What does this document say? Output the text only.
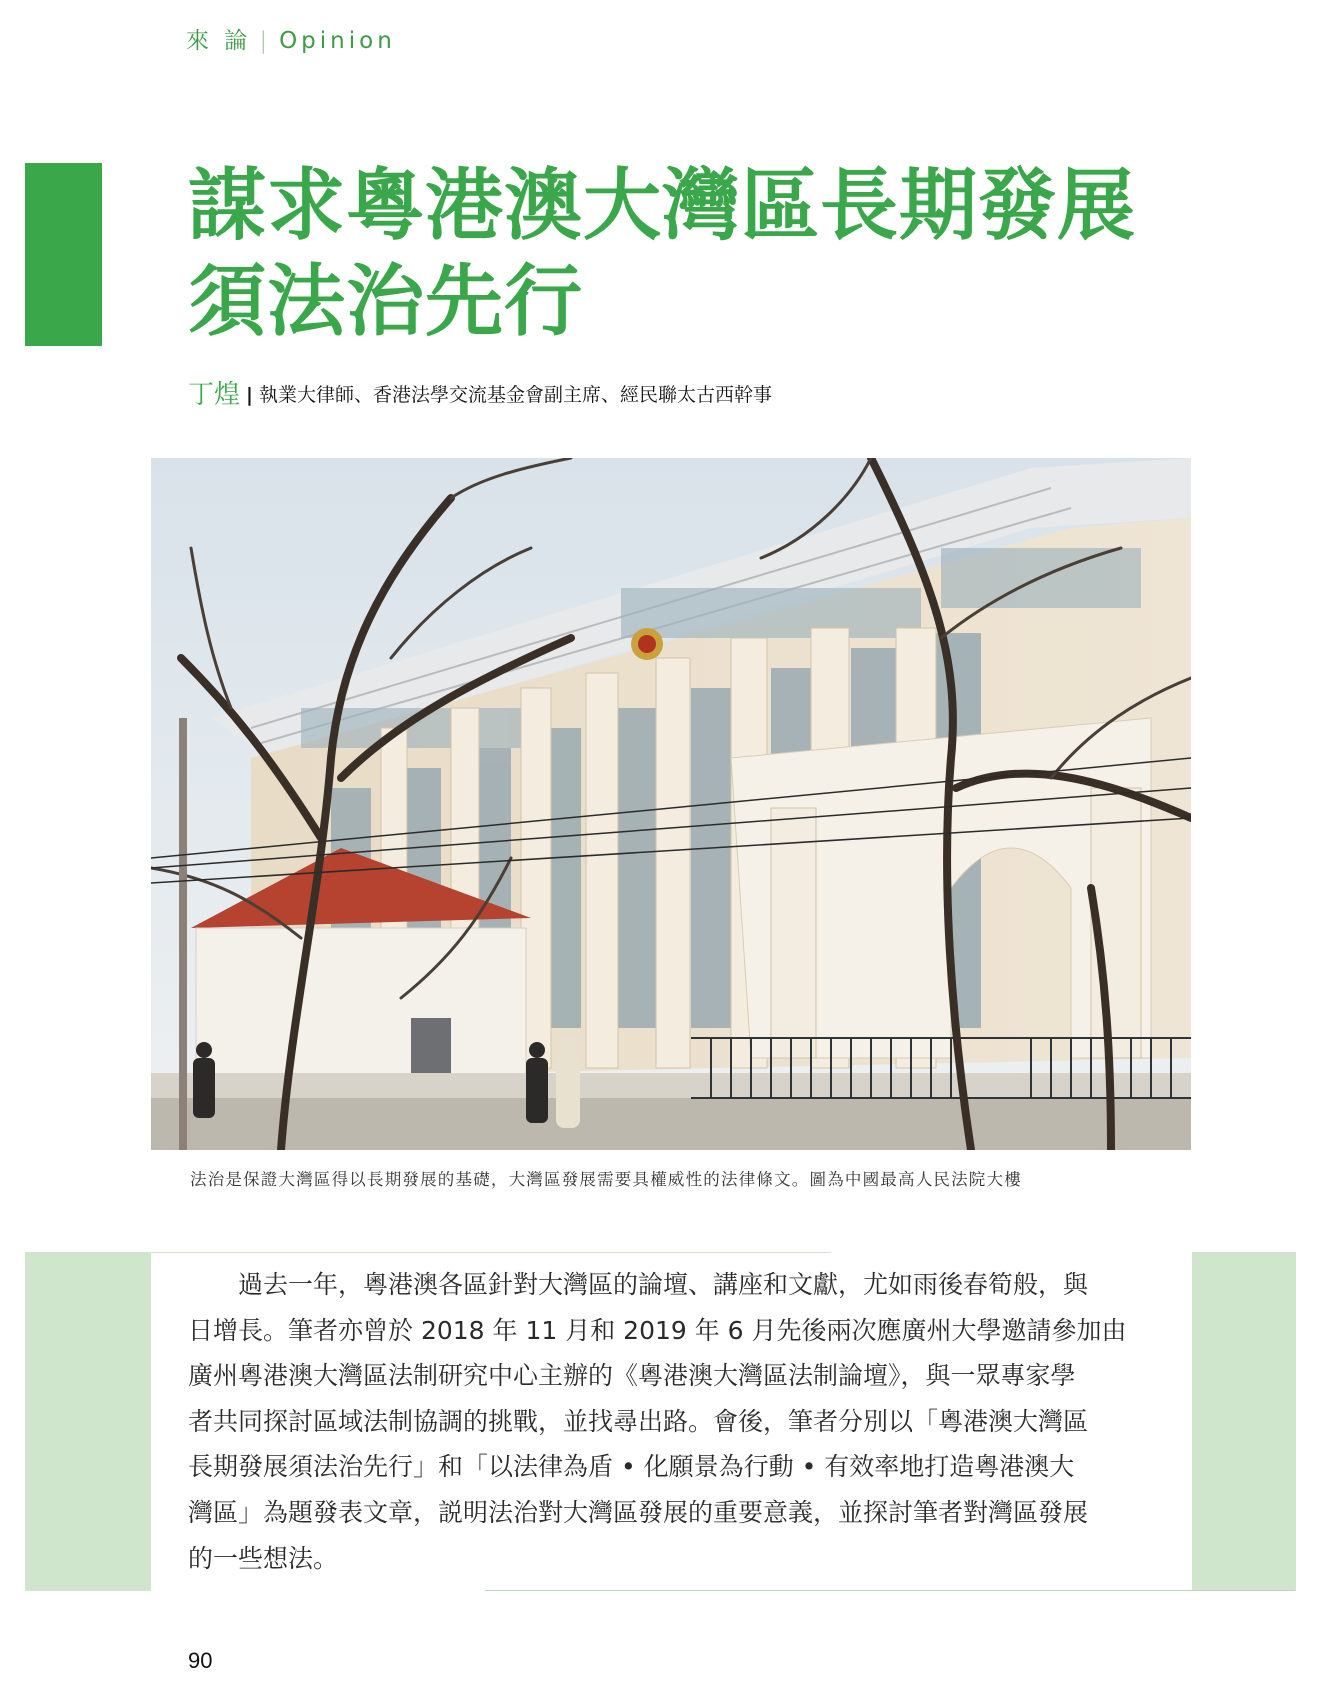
來 論 | Opinion
謀求粵港澳大灣區長期發展
須法治先行
丁煌 | 執業大律師、香港法學交流基金會副主席、經民聯太古西幹事
法治是保證大灣區得以長期發展的基礎，大灣區發展需要具權威性的法律條文。圖為中國最高人民法院大樓
　　過去一年，粵港澳各區針對大灣區的論壇、講座和文獻，尤如雨後春筍般，與
日增長。筆者亦曾於 2018 年 11 月和 2019 年 6 月先後兩次應廣州大學邀請參加由
廣州粵港澳大灣區法制研究中心主辦的《粵港澳大灣區法制論壇》，與一眾專家學
者共同探討區域法制協調的挑戰，並找尋出路。會後，筆者分別以「粵港澳大灣區
長期發展須法治先行」和「以法律為盾 • 化願景為行動 • 有效率地打造粵港澳大
灣區」為題發表文章，説明法治對大灣區發展的重要意義，並探討筆者對灣區發展
的一些想法。
90
